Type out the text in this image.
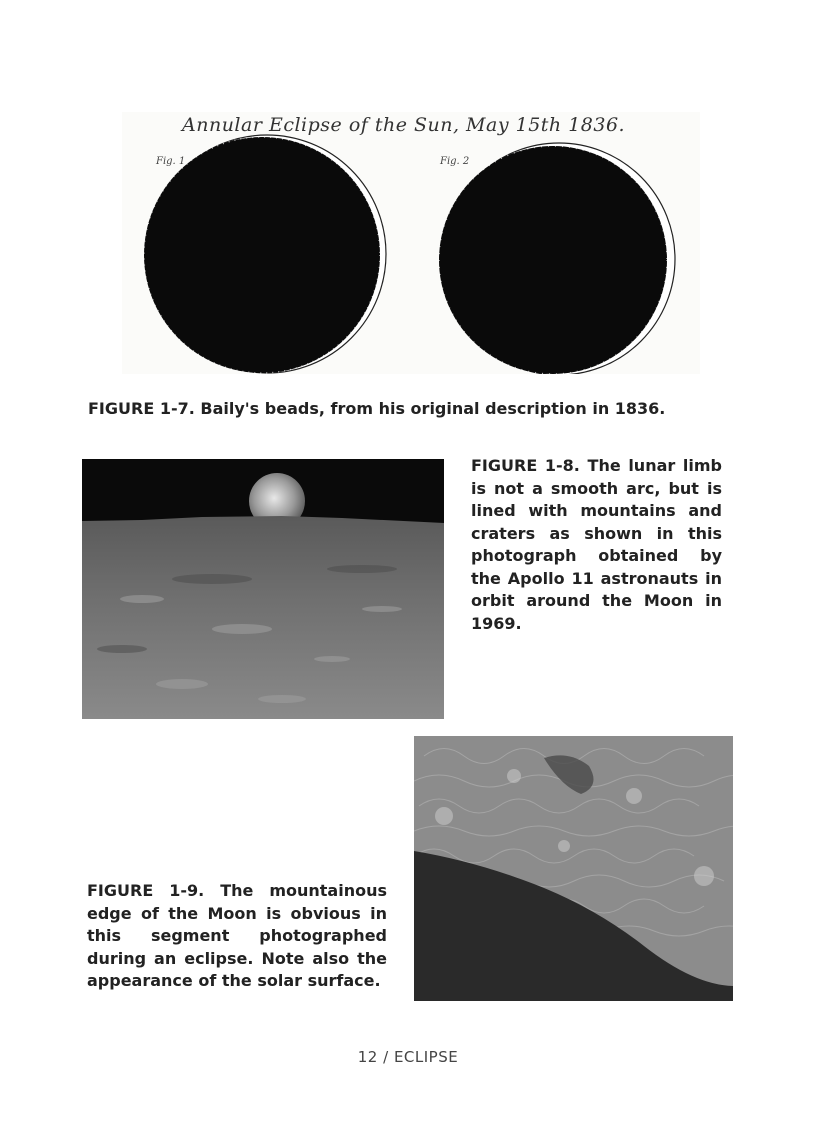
Annular Eclipse of the Sun, May 15th 1836.
Fig. 1	Fig. 2
FIGURE 1-7. Baily's beads, from his original description in 1836.
FIGURE 1-8. The lunar limb is not a smooth arc, but is lined with mountains and craters as shown in this photograph obtained by the Apollo 11 astronauts in orbit around the Moon in 1969.
FIGURE 1-9. The mountainous edge of the Moon is obvious in this segment photographed during an eclipse. Note also the appearance of the solar surface.
12 / ECLIPSE
